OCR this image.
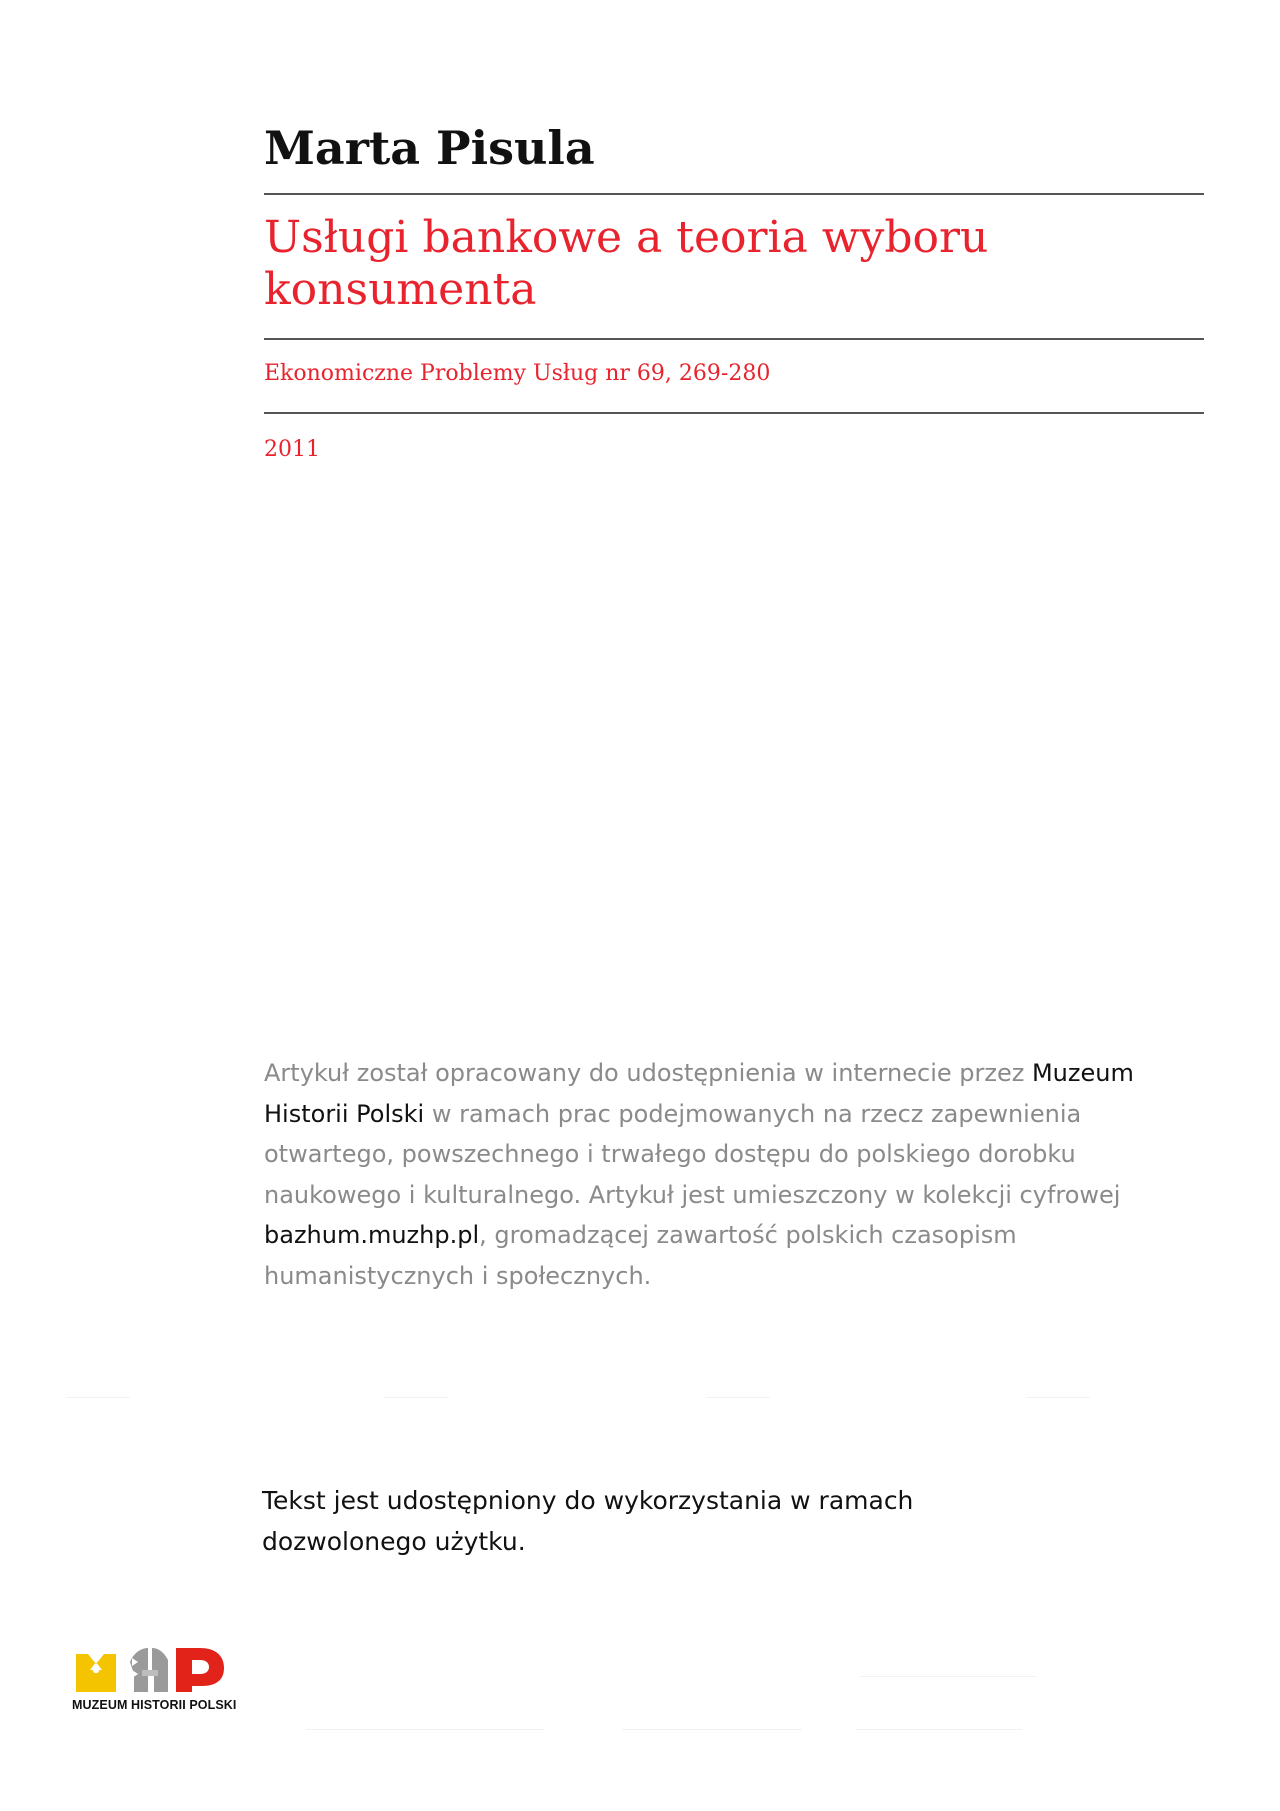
Marta Pisula
Usługi bankowe a teoria wyboru konsumenta
Ekonomiczne Problemy Usług nr 69, 269-280
2011
Artykuł został opracowany do udostępnienia w internecie przez Muzeum Historii Polski w ramach prac podejmowanych na rzecz zapewnienia otwartego, powszechnego i trwałego dostępu do polskiego dorobku naukowego i kulturalnego. Artykuł jest umieszczony w kolekcji cyfrowej bazhum.muzhp.pl, gromadzącej zawartość polskich czasopism humanistycznych i społecznych.
Tekst jest udostępniony do wykorzystania w ramach dozwolonego użytku.
MUZEUM HISTORII POLSKI
